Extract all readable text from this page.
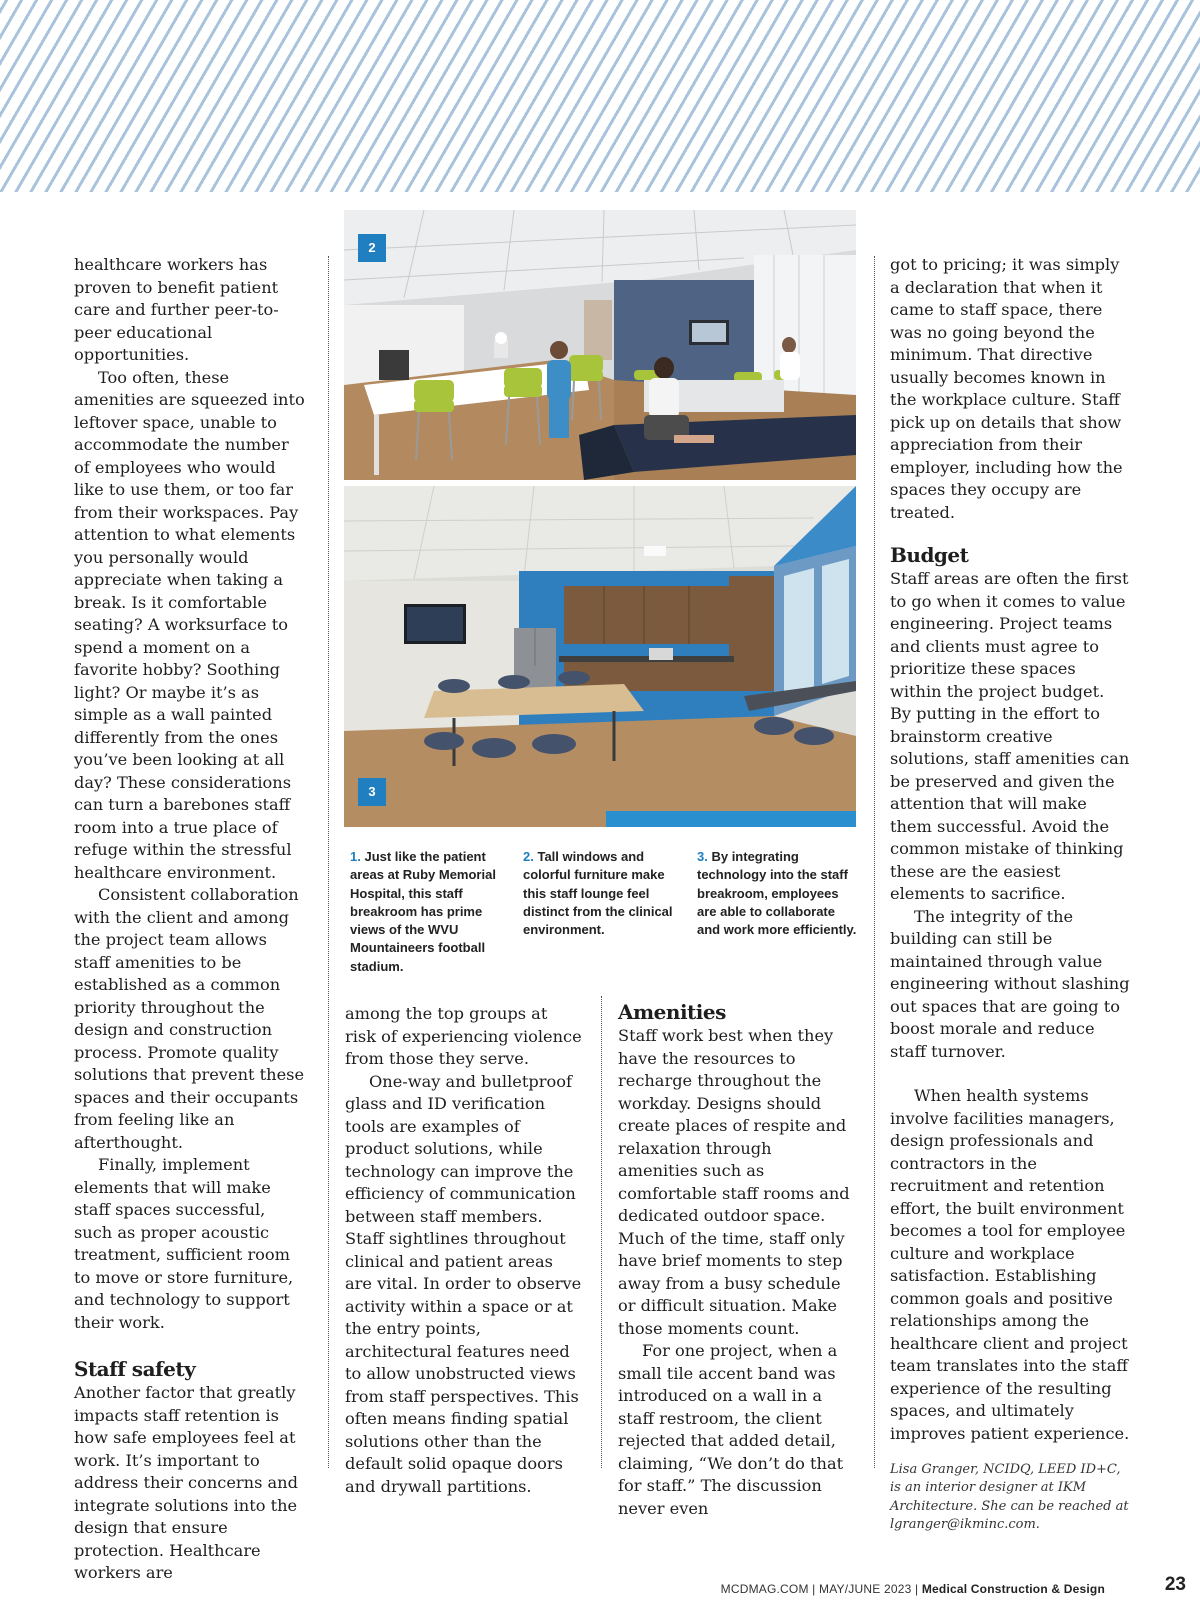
healthcare workers has proven to benefit patient care and further peer-to-peer educational opportunities.

Too often, these amenities are squeezed into leftover space, unable to accommodate the number of employees who would like to use them, or too far from their workspaces. Pay attention to what elements you personally would appreciate when taking a break. Is it comfortable seating? A worksurface to spend a moment on a favorite hobby? Soothing light? Or maybe it’s as simple as a wall painted differently from the ones you’ve been looking at all day? These considerations can turn a barebones staff room into a true place of refuge within the stressful healthcare environment.

Consistent collaboration with the client and among the project team allows staff amenities to be established as a common priority throughout the design and construction process. Promote quality solutions that prevent these spaces and their occupants from feeling like an afterthought.

Finally, implement elements that will make staff spaces successful, such as proper acoustic treatment, sufficient room to move or store furniture, and technology to support their work.

Staff safety

Another factor that greatly impacts staff retention is how safe employees feel at work. It’s important to address their concerns and integrate solutions into the design that ensure protection. Healthcare workers are

2
3
1. Just like the patient areas at Ruby Memorial Hospital, this staff breakroom has prime views of the WVU Mountaineers football stadium.
2. Tall windows and colorful furniture make this staff lounge feel distinct from the clinical environment.
3. By integrating technology into the staff breakroom, employees are able to collaborate and work more efficiently.

among the top groups at risk of experiencing violence from those they serve.

One-way and bulletproof glass and ID verification tools are examples of product solutions, while technology can improve the efficiency of communication between staff members. Staff sightlines throughout clinical and patient areas are vital. In order to observe activity within a space or at the entry points, architectural features need to allow unobstructed views from staff perspectives. This often means finding spatial solutions other than the default solid opaque doors and drywall partitions.

Amenities

Staff work best when they have the resources to recharge throughout the workday. Designs should create places of respite and relaxation through amenities such as comfortable staff rooms and dedicated outdoor space. Much of the time, staff only have brief moments to step away from a busy schedule or difficult situation. Make those moments count.

For one project, when a small tile accent band was introduced on a wall in a staff restroom, the client rejected that added detail, claiming, “We don’t do that for staff.” The discussion never even

got to pricing; it was simply a declaration that when it came to staff space, there was no going beyond the minimum. That directive usually becomes known in the workplace culture. Staff pick up on details that show appreciation from their employer, including how the spaces they occupy are treated.

Budget

Staff areas are often the first to go when it comes to value engineering. Project teams and clients must agree to prioritize these spaces within the project budget. By putting in the effort to brainstorm creative solutions, staff amenities can be preserved and given the attention that will make them successful. Avoid the common mistake of thinking these are the easiest elements to sacrifice.

The integrity of the building can still be maintained through value engineering without slashing out spaces that are going to boost morale and reduce staff turnover.

When health systems involve facilities managers, design professionals and contractors in the recruitment and retention effort, the built environment becomes a tool for employee culture and workplace satisfaction. Establishing common goals and positive relationships among the healthcare client and project team translates into the staff experience of the resulting spaces, and ultimately improves patient experience.

Lisa Granger, NCIDQ, LEED ID+C, is an interior designer at IKM Architecture. She can be reached at lgranger@ikminc.com.

MCDMAG.COM | MAY/JUNE 2023 | Medical Construction & Design	23
